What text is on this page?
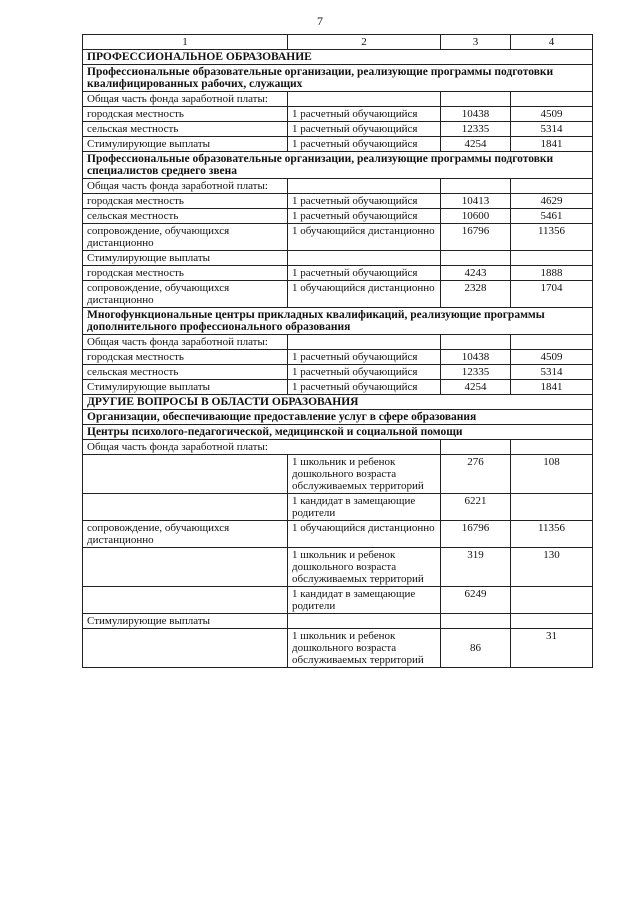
7
1	2	3	4
ПРОФЕССИОНАЛЬНОЕ ОБРАЗОВАНИЕ			
Профессиональные образовательные организации, реализующие программы подготовки квалифицированных рабочих, служащих			
Общая часть фонда заработной платы:			
городская местность	1 расчетный обучающийся	10438	4509
сельская местность	1 расчетный обучающийся	12335	5314
Стимулирующие выплаты	1 расчетный обучающийся	4254	1841
Профессиональные образовательные организации, реализующие программы подготовки специалистов среднего звена			
Общая часть фонда заработной платы:			
городская местность	1 расчетный обучающийся	10413	4629
сельская местность	1 расчетный обучающийся	10600	5461
сопровождение, обучающихся дистанционно	1 обучающийся дистанционно	16796	11356
Стимулирующие выплаты			
городская местность	1 расчетный обучающийся	4243	1888
сопровождение, обучающихся дистанционно	1 обучающийся дистанционно	2328	1704
Многофункциональные центры прикладных квалификаций, реализующие программы дополнительного профессионального образования			
Общая часть фонда заработной платы:			
городская местность	1 расчетный обучающийся	10438	4509
сельская местность	1 расчетный обучающийся	12335	5314
Стимулирующие выплаты	1 расчетный обучающийся	4254	1841
ДРУГИЕ ВОПРОСЫ В ОБЛАСТИ ОБРАЗОВАНИЯ			
Организации, обеспечивающие предоставление услуг в сфере образования			
Центры психолого-педагогической, медицинской и социальной помощи			
Общая часть фонда заработной платы:			
	1 школьник и ребенок дошкольного возраста обслуживаемых территорий	276	108
	1 кандидат в замещающие родители	6221	
сопровождение, обучающихся дистанционно	1 обучающийся дистанционно	16796	11356
	1 школьник и ребенок дошкольного возраста обслуживаемых территорий	319	130
	1 кандидат в замещающие родители	6249	
Стимулирующие выплаты			
	1 школьник и ребенок дошкольного возраста обслуживаемых территорий	86	31
